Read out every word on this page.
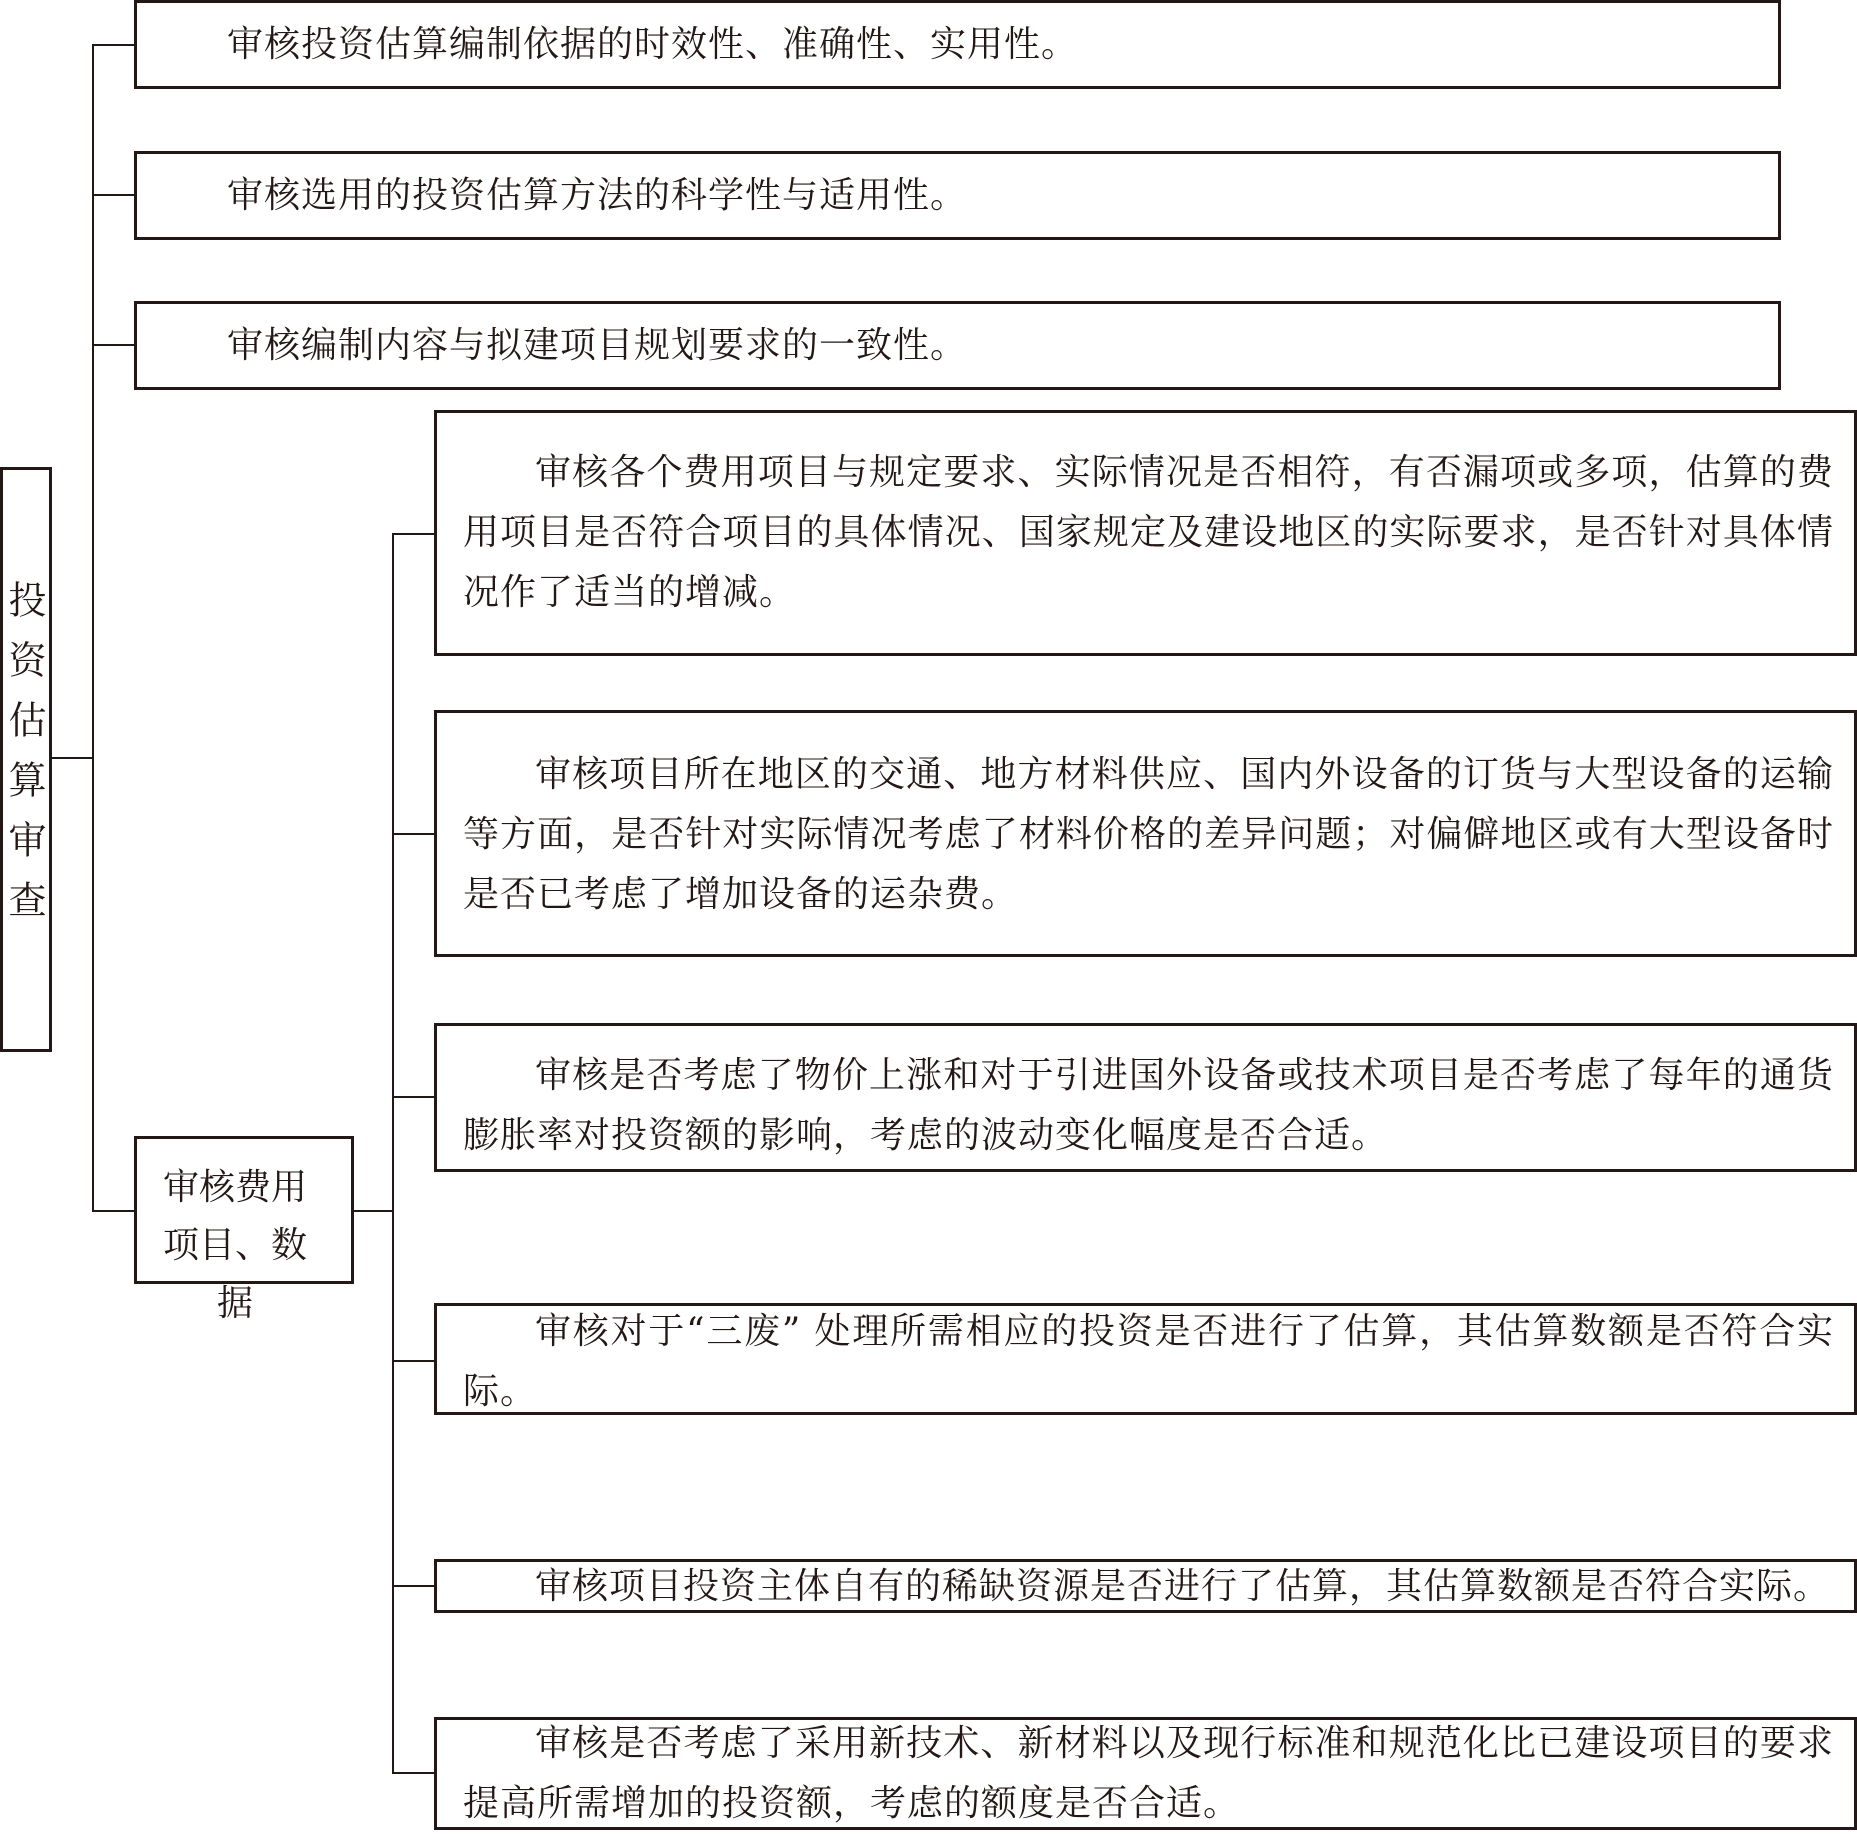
投资估算审查
审核投资估算编制依据的时效性、准确性、实用性。
审核选用的投资估算方法的科学性与适用性。
审核编制内容与拟建项目规划要求的一致性。
审核费用
项目、数据
审核各个费用项目与规定要求、实际情况是否相符，有否漏项或多项，估算的费用项目是否符合项目的具体情况、国家规定及建设地区的实际要求，是否针对具体情况作了适当的增减。
审核项目所在地区的交通、地方材料供应、国内外设备的订货与大型设备的运输等方面，是否针对实际情况考虑了材料价格的差异问题；对偏僻地区或有大型设备时是否已考虑了增加设备的运杂费。
审核是否考虑了物价上涨和对于引进国外设备或技术项目是否考虑了每年的通货膨胀率对投资额的影响，考虑的波动变化幅度是否合适。
审核对于“三废” 处理所需相应的投资是否进行了估算，其估算数额是否符合实际。
审核项目投资主体自有的稀缺资源是否进行了估算，其估算数额是否符合实际。
审核是否考虑了采用新技术、新材料以及现行标准和规范化比已建设项目的要求提高所需增加的投资额，考虑的额度是否合适。
